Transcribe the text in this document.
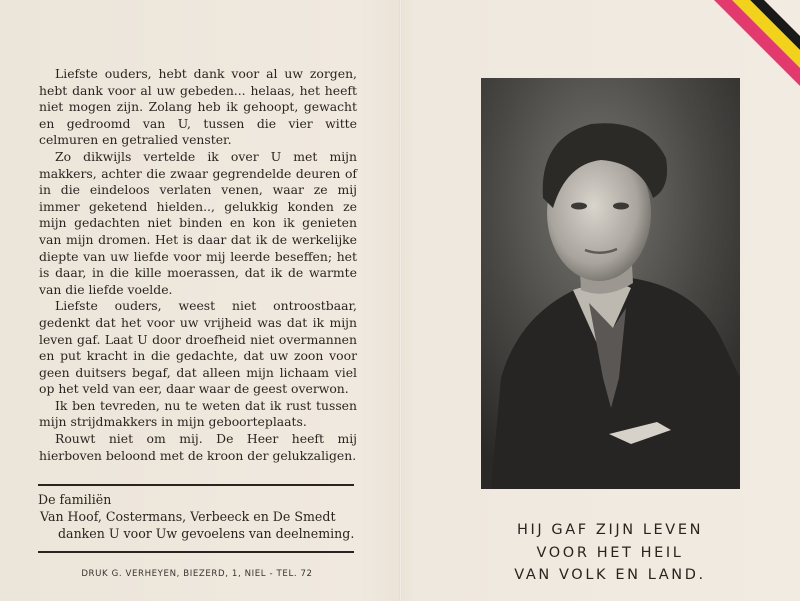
Liefste ouders, hebt dank voor al uw zorgen, hebt dank voor al uw gebeden... helaas, het heeft niet mogen zijn. Zolang heb ik gehoopt, gewacht en gedroomd van U, tussen die vier witte celmuren en getralied venster.

Zo dikwijls vertelde ik over U met mijn makkers, achter die zwaar gegrendelde deuren of in die eindeloos verlaten venen, waar ze mij immer geketend hielden.., gelukkig konden ze mijn gedachten niet binden en kon ik genieten van mijn dromen. Het is daar dat ik de werkelijke diepte van uw liefde voor mij leerde beseffen; het is daar, in die kille moerassen, dat ik de warmte van die liefde voelde.

Liefste ouders, weest niet ontroostbaar, gedenkt dat het voor uw vrijheid was dat ik mijn leven gaf. Laat U door droefheid niet overmannen en put kracht in die gedachte, dat uw zoon voor geen duitsers begaf, dat alleen mijn lichaam viel op het veld van eer, daar waar de geest overwon.

Ik ben tevreden, nu te weten dat ik rust tussen mijn strijdmakkers in mijn geboorteplaats.

Rouwt niet om mij. De Heer heeft mij hierboven beloond met de kroon der gelukzaligen.

De familiën
Van Hoof, Costermans, Verbeeck en De Smedt
danken U voor Uw gevoelens van deelneming.
DRUK G. VERHEYEN, BIEZERD, 1, NIEL - TEL. 72
HIJ GAF ZIJN LEVEN
VOOR HET HEIL
VAN VOLK EN LAND.
